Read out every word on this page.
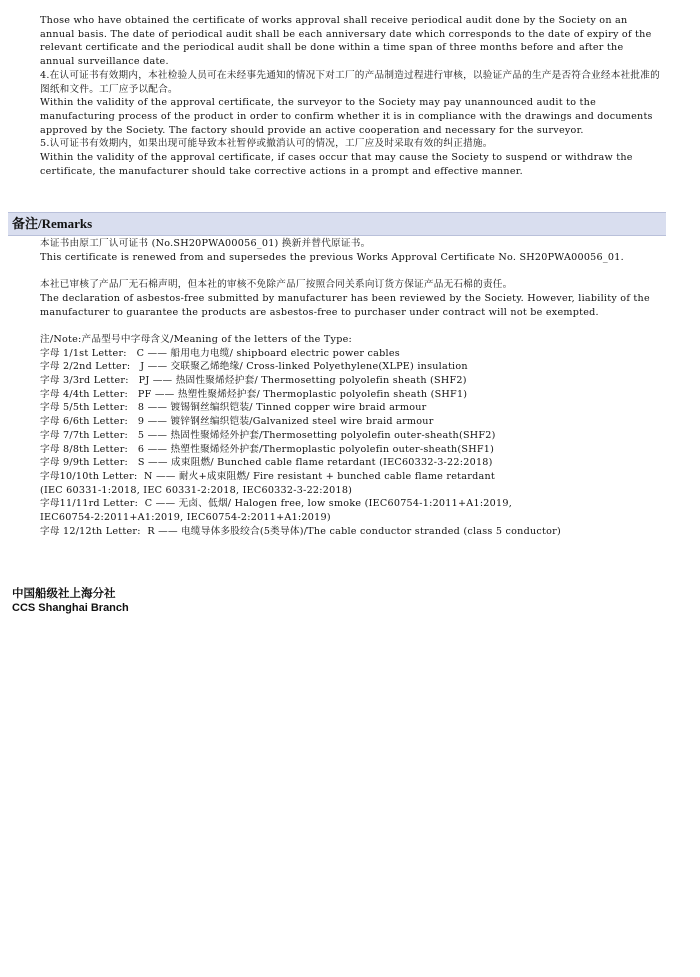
Those who have obtained the certificate of works approval shall receive periodical audit done by the Society on an annual basis. The date of periodical audit shall be each anniversary date which corresponds to the date of expiry of the relevant certificate and the periodical audit shall be done within a time span of three months before and after the annual surveillance date.

4.在认可证书有效期内，本社检验人员可在未经事先通知的情况下对工厂的产品制造过程进行审核，以验证产品的生产是否符合业经本社批准的图纸和文件。工厂应予以配合。

Within the validity of the approval certificate, the surveyor to the Society may pay unannounced audit to the manufacturing process of the product in order to confirm whether it is in compliance with the drawings and documents approved by the Society. The factory should provide an active cooperation and necessary for the surveyor.

5.认可证书有效期内，如果出现可能导致本社暂停或撤消认可的情况，工厂应及时采取有效的纠正措施。

Within the validity of the approval certificate, if cases occur that may cause the Society to suspend or withdraw the certificate, the manufacturer should take corrective actions in a prompt and effective manner.

备注/Remarks

本证书由原工厂认可证书 (No.SH20PWA00056_01) 换新并替代原证书。

This certificate is renewed from and supersedes the previous Works Approval Certificate No. SH20PWA00056_01.

本社已审核了产品厂无石棉声明，但本社的审核不免除产品厂按照合同关系向订货方保证产品无石棉的责任。

The declaration of asbestos-free submitted by manufacturer has been reviewed by the Society. However, liability of the manufacturer to guarantee the products are asbestos-free to purchaser under contract will not be exempted.

注/Note:产品型号中字母含义/Meaning of the letters of the Type:

字母 1/1st Letter:   C —— 船用电力电缆/ shipboard electric power cables
字母 2/2nd Letter:   J —— 交联聚乙烯绝缘/ Cross-linked Polyethylene(XLPE) insulation
字母 3/3rd Letter:   PJ —— 热固性聚烯烃护套/ Thermosetting polyolefin sheath (SHF2)
字母 4/4th Letter:   PF —— 热塑性聚烯烃护套/ Thermoplastic polyolefin sheath (SHF1)
字母 5/5th Letter:   8 —— 镀锡铜丝编织铠装/ Tinned copper wire braid armour
字母 6/6th Letter:   9 —— 镀锌钢丝编织铠装/Galvanized steel wire braid armour
字母 7/7th Letter:   5 —— 热固性聚烯烃外护套/Thermosetting polyolefin outer-sheath(SHF2)
字母 8/8th Letter:   6 —— 热塑性聚烯烃外护套/Thermoplastic polyolefin outer-sheath(SHF1)
字母 9/9th Letter:   S —— 成束阻燃/ Bunched cable flame retardant (IEC60332-3-22:2018)
字母10/10th Letter:  N —— 耐火+成束阻燃/ Fire resistant + bunched cable flame retardant
(IEC 60331-1:2018, IEC 60331-2:2018, IEC60332-3-22:2018)
字母11/11rd Letter:  C —— 无卤、低烟/ Halogen free, low smoke (IEC60754-1:2011+A1:2019,
IEC60754-2:2011+A1:2019, IEC60754-2:2011+A1:2019)
字母 12/12th Letter:  R —— 电缆导体多股绞合(5类导体)/The cable conductor stranded (class 5 conductor)
中国船级社上海分社
CCS Shanghai Branch
